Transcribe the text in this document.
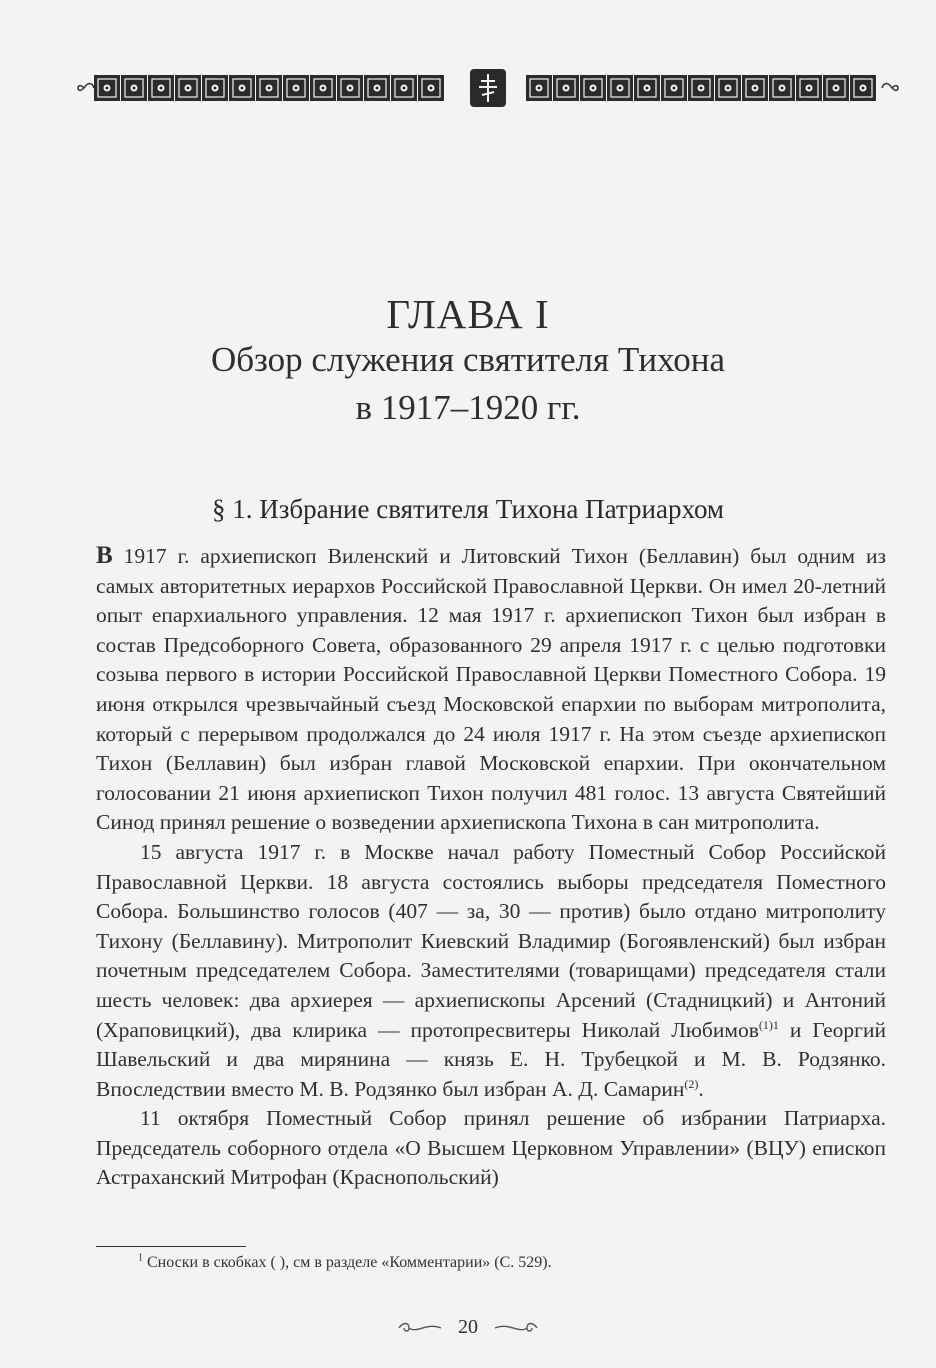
ГЛАВА I
Обзор служения святителя Тихона
в 1917–1920 гг.
§ 1. Избрание святителя Тихона Патриархом

В 1917 г. архиепископ Виленский и Литовский Тихон (Беллавин) был одним из самых авторитетных иерархов Российской Православной Церкви. Он имел 20-летний опыт епархиального управления. 12 мая 1917 г. архиепископ Тихон был избран в состав Предсоборного Совета, образованного 29 апреля 1917 г. с целью подготовки созыва первого в истории Российской Православной Церкви Поместного Собора. 19 июня открылся чрезвычайный съезд Московской епархии по выборам митрополита, который с перерывом продолжался до 24 июля 1917 г. На этом съезде архиепископ Тихон (Беллавин) был избран главой Московской епархии. При окончательном голосовании 21 июня архиепископ Тихон получил 481 голос. 13 августа Святейший Синод принял решение о возведении архиепископа Тихона в сан митрополита.

15 августа 1917 г. в Москве начал работу Поместный Собор Российской Православной Церкви. 18 августа состоялись выборы председателя Поместного Собора. Большинство голосов (407 — за, 30 — против) было отдано митрополиту Тихону (Беллавину). Митрополит Киевский Владимир (Богоявленский) был избран почетным председателем Собора. Заместителями (товарищами) председателя стали шесть человек: два архиерея — архиепископы Арсений (Стадницкий) и Антоний (Храповицкий), два клирика — протопресвитеры Николай Любимов$^{(1)1}$ и Георгий Шавельский и два мирянина — князь Е. Н. Трубецкой и М. В. Родзянко. Впоследствии вместо М. В. Родзянко был избран А. Д. Самарин$^{(2)}$.

11 октября Поместный Собор принял решение об избрании Патриарха. Председатель соборного отдела «О Высшем Церковном Управлении» (ВЦУ) епископ Астраханский Митрофан (Краснопольский)

$^1$ Сноски в скобках ( ), см в разделе «Комментарии» (С. 529).
20
